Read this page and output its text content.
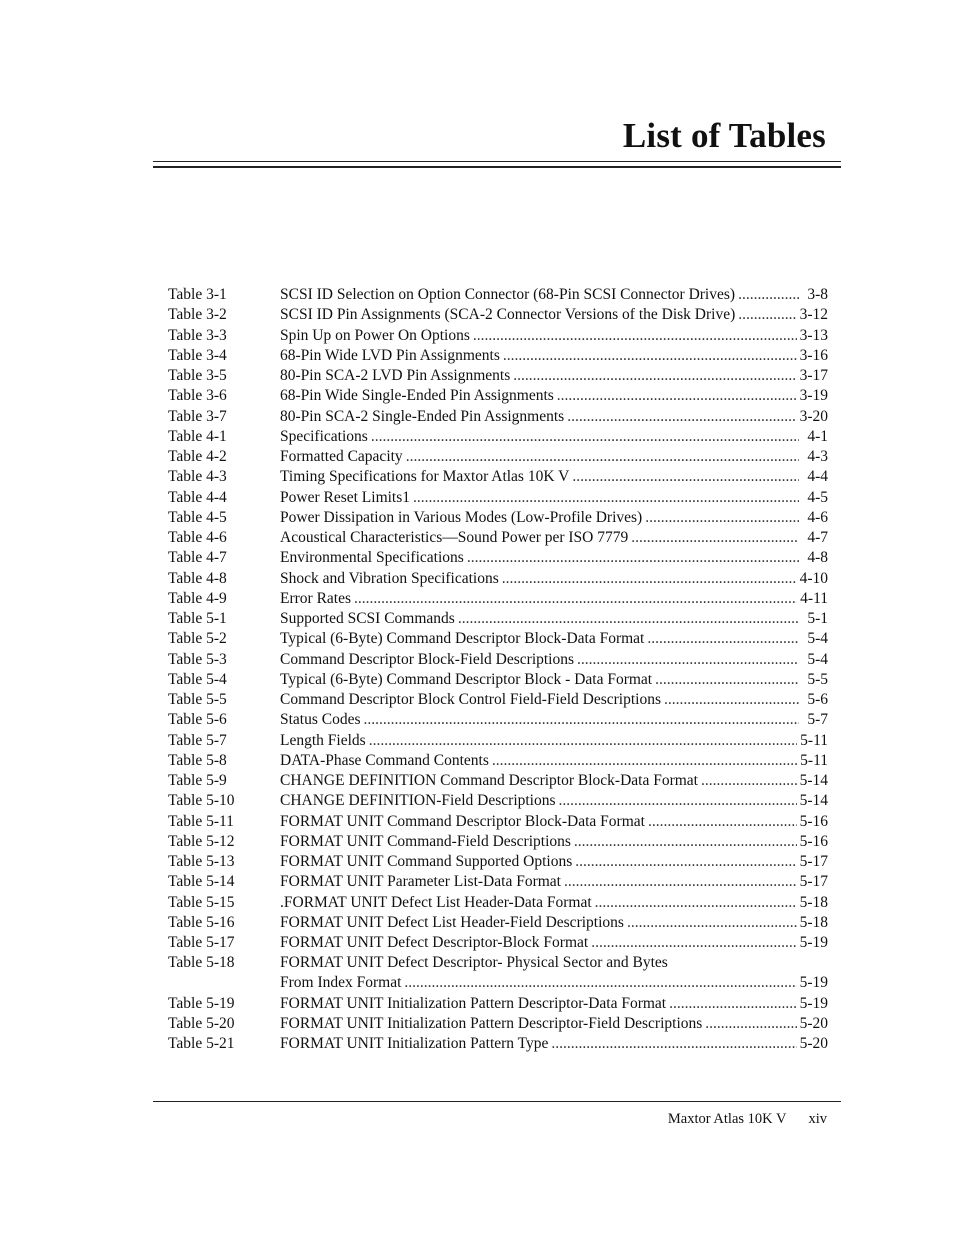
List of Tables
Table 3-1	SCSI ID Selection on Option Connector (68-Pin SCSI Connector Drives) .....	3-8
Table 3-2	SCSI ID Pin Assignments (SCA-2 Connector Versions of the Disk Drive) .....	3-12
Table 3-3	Spin Up on Power On Options .....	3-13
Table 3-4	68-Pin Wide LVD Pin Assignments .....	3-16
Table 3-5	80-Pin SCA-2 LVD Pin Assignments .....	3-17
Table 3-6	68-Pin Wide Single-Ended Pin Assignments .....	3-19
Table 3-7	80-Pin SCA-2 Single-Ended Pin Assignments .....	3-20
Table 4-1	Specifications .....	4-1
Table 4-2	Formatted Capacity .....	4-3
Table 4-3	Timing Specifications for Maxtor Atlas 10K V .....	4-4
Table 4-4	Power Reset Limits1 .....	4-5
Table 4-5	Power Dissipation in Various Modes (Low-Profile Drives) .....	4-6
Table 4-6	Acoustical Characteristics—Sound Power per ISO 7779 .....	4-7
Table 4-7	Environmental Specifications .....	4-8
Table 4-8	Shock and Vibration Specifications .....	4-10
Table 4-9	Error Rates .....	4-11
Table 5-1	Supported SCSI Commands .....	5-1
Table 5-2	Typical (6-Byte) Command Descriptor Block-Data Format .....	5-4
Table 5-3	Command Descriptor Block-Field Descriptions .....	5-4
Table 5-4	Typical (6-Byte) Command Descriptor Block - Data Format .....	5-5
Table 5-5	Command Descriptor Block Control Field-Field Descriptions .....	5-6
Table 5-6	Status Codes .....	5-7
Table 5-7	Length Fields .....	5-11
Table 5-8	DATA-Phase Command Contents .....	5-11
Table 5-9	CHANGE DEFINITION Command Descriptor Block-Data Format .....	5-14
Table 5-10	CHANGE DEFINITION-Field Descriptions .....	5-14
Table 5-11	FORMAT UNIT Command Descriptor Block-Data Format .....	5-16
Table 5-12	FORMAT UNIT Command-Field Descriptions .....	5-16
Table 5-13	FORMAT UNIT Command Supported Options .....	5-17
Table 5-14	FORMAT UNIT Parameter List-Data Format .....	5-17
Table 5-15	.FORMAT UNIT Defect List Header-Data Format .....	5-18
Table 5-16	FORMAT UNIT Defect List Header-Field Descriptions .....	5-18
Table 5-17	FORMAT UNIT Defect Descriptor-Block Format .....	5-19
Table 5-18	FORMAT UNIT Defect Descriptor- Physical Sector and Bytes
From Index Format .....	5-19
Table 5-19	FORMAT UNIT Initialization Pattern Descriptor-Data Format .....	5-19
Table 5-20	FORMAT UNIT Initialization Pattern Descriptor-Field Descriptions .....	5-20
Table 5-21	FORMAT UNIT Initialization Pattern Type .....	5-20
Maxtor Atlas 10K V xiv
